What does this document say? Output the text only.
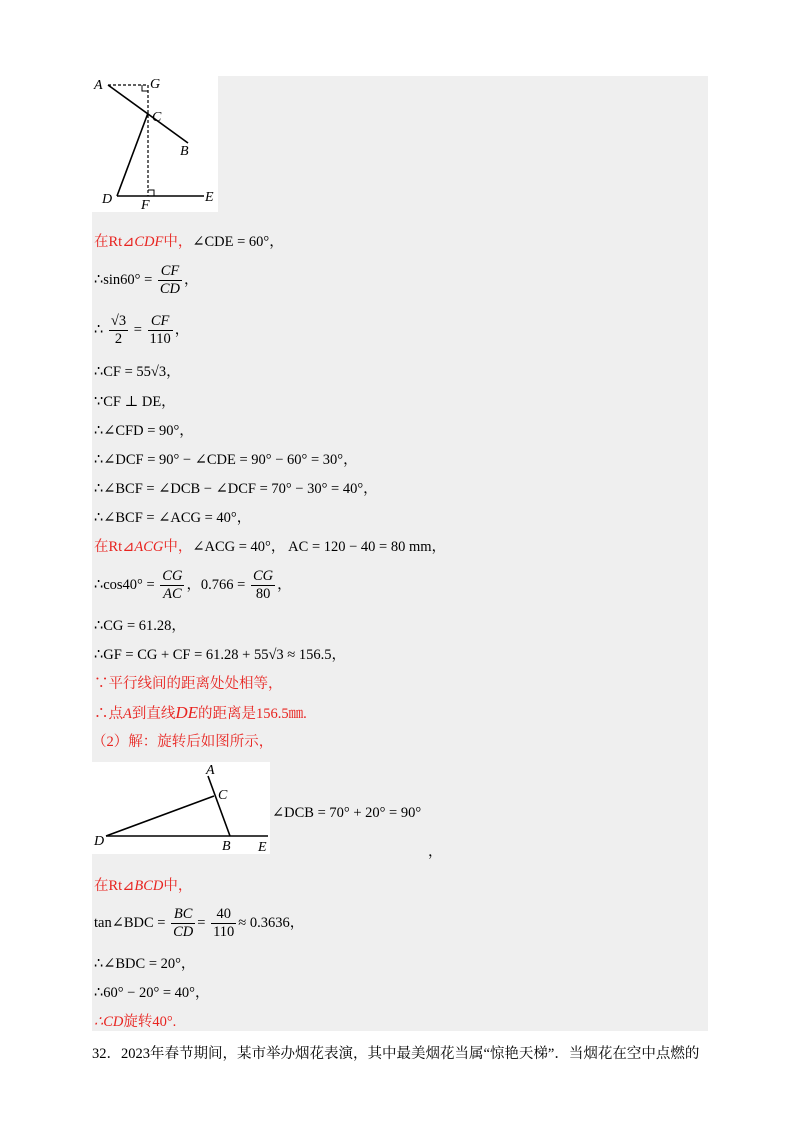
A	G
C
B
D F
E
在Rt⊿CDF中，∠CDE = 60°，
∴sin60° = $\frac{CF}{CD}$ ，
∴ $\frac{√3}{2} = \frac{CF}{110}$ ，
∴CF = 55√3，
∵CF ⊥ DE，
∴∠CFD = 90°，
∴∠DCF = 90° − ∠CDE = 90° − 60° = 30°，
∴∠BCF = ∠DCB − ∠DCF = 70° − 30° = 40°，
∴∠BCF = ∠ACG = 40°，
在Rt⊿ACG中，∠ACG = 40°， AC = 120 − 40 = 80 mm，
∴cos40° = $\frac{CG}{AC}$ ，$0.766 = \frac{CG}{80}$ ，
∴CG = 61.28，
∴GF = CG + CF = 61.28 + 55√3 ≈ 156.5，
∵平行线间的距离处处相等，
∴点A到直线DE的距离是156.5㎜.
（2）解：旋转后如图所示，
A
C
D	B E
∠DCB = 70° + 20° = 90°
，
在Rt⊿BCD中，
tan∠BDC = $\frac{BC}{CD} = \frac{40}{110} \approx 0.3636$，
∴∠BDC = 20°，
∴60° − 20° = 40°，
∴CD旋转40°.
32．2023年春节期间，某市举办烟花表演，其中最美烟花当属“惊艳天梯”．当烟花在空中点燃的
